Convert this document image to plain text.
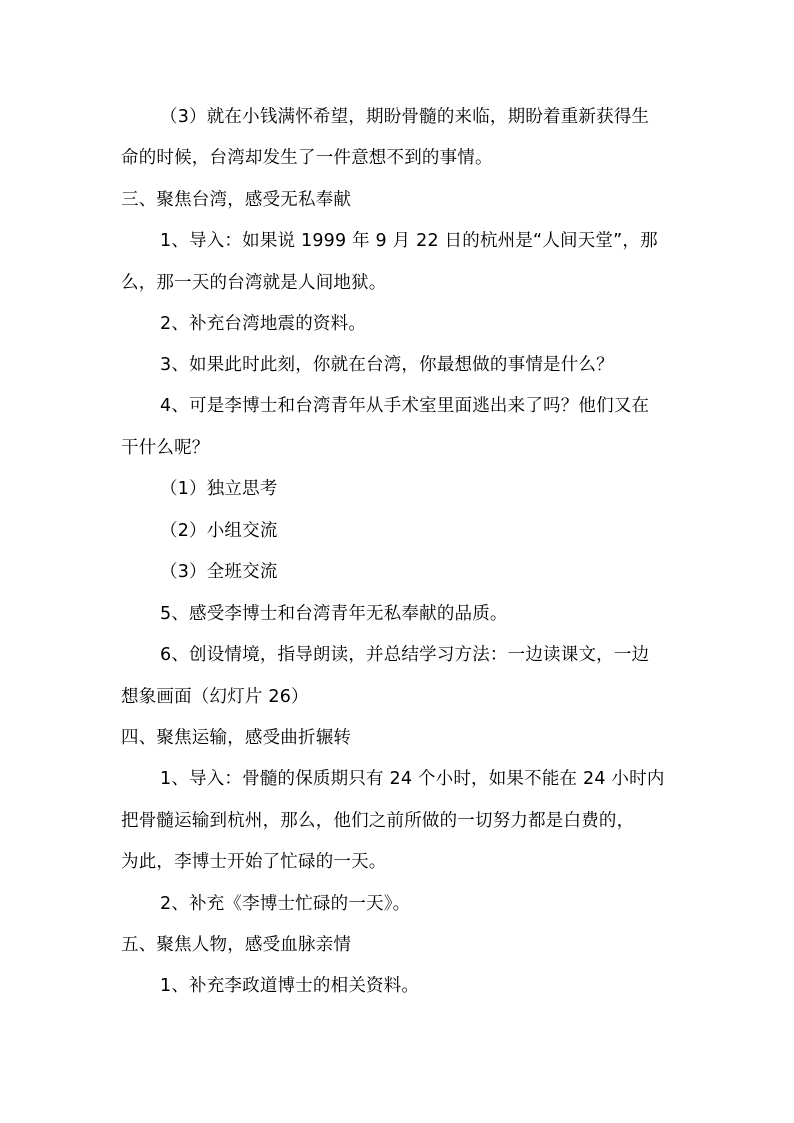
（3）就在小钱满怀希望，期盼骨髓的来临，期盼着重新获得生
命的时候，台湾却发生了一件意想不到的事情。
三、聚焦台湾，感受无私奉献
1、导入：如果说 1999 年 9 月 22 日的杭州是“人间天堂”，那
么，那一天的台湾就是人间地狱。
2、补充台湾地震的资料。
3、如果此时此刻，你就在台湾，你最想做的事情是什么？
4、可是李博士和台湾青年从手术室里面逃出来了吗？他们又在
干什么呢？
（1）独立思考
（2）小组交流
（3）全班交流
5、感受李博士和台湾青年无私奉献的品质。
6、创设情境，指导朗读，并总结学习方法：一边读课文，一边
想象画面（幻灯片 26）
四、聚焦运输，感受曲折辗转
1、导入：骨髓的保质期只有 24 个小时，如果不能在 24 小时内
把骨髓运输到杭州，那么，他们之前所做的一切努力都是白费的，
为此，李博士开始了忙碌的一天。
2、补充《李博士忙碌的一天》。
五、聚焦人物，感受血脉亲情
1、补充李政道博士的相关资料。
